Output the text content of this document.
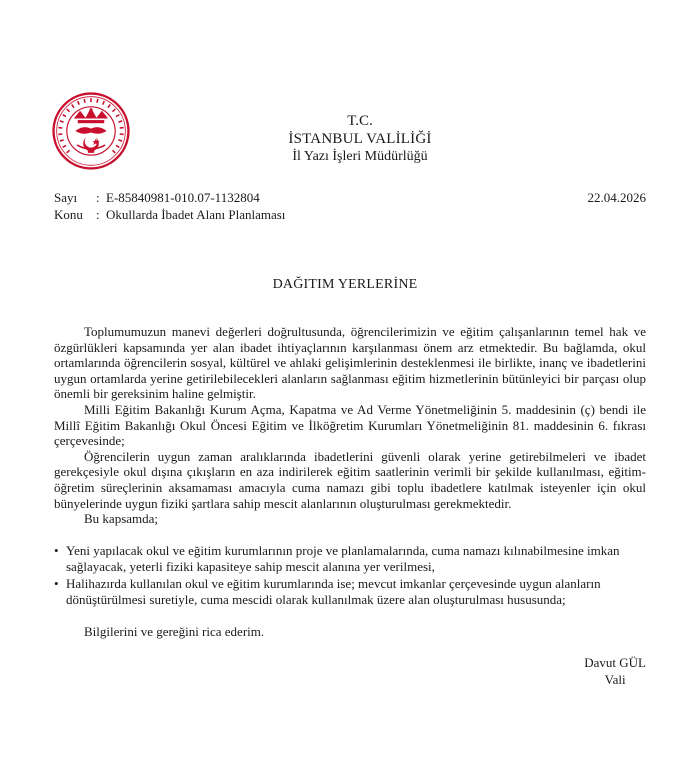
T.C.
İSTANBUL VALİLİĞİ
İl Yazı İşleri Müdürlüğü
Sayı : E-85840981-010.07-1132804	22.04.2026
Konu : Okullarda İbadet Alanı Planlaması
DAĞITIM YERLERİNE

Toplumumuzun manevi değerleri doğrultusunda, öğrencilerimizin ve eğitim çalışanlarının temel hak ve özgürlükleri kapsamında yer alan ibadet ihtiyaçlarının karşılanması önem arz etmektedir. Bu bağlamda, okul ortamlarında öğrencilerin sosyal, kültürel ve ahlaki gelişimlerinin desteklenmesi ile birlikte, inanç ve ibadetlerini uygun ortamlarda yerine getirilebilecekleri alanların sağlanması eğitim hizmetlerinin bütünleyici bir parçası olup önemli bir gereksinim haline gelmiştir.

Milli Eğitim Bakanlığı Kurum Açma, Kapatma ve Ad Verme Yönetmeliğinin 5. maddesinin (ç) bendi ile Millî Eğitim Bakanlığı Okul Öncesi Eğitim ve İlköğretim Kurumları Yönetmeliğinin 81. maddesinin 6. fıkrası çerçevesinde;

Öğrencilerin uygun zaman aralıklarında ibadetlerini güvenli olarak yerine getirebilmeleri ve ibadet gerekçesiyle okul dışına çıkışların en aza indirilerek eğitim saatlerinin verimli bir şekilde kullanılması, eğitim-öğretim süreçlerinin aksamaması amacıyla cuma namazı gibi toplu ibadetlere katılmak isteyenler için okul bünyelerinde uygun fiziki şartlara sahip mescit alanlarının oluşturulması gerekmektedir.

Bu kapsamda;

• Yeni yapılacak okul ve eğitim kurumlarının proje ve planlamalarında, cuma namazı kılınabilmesine imkan sağlayacak, yeterli fiziki kapasiteye sahip mescit alanına yer verilmesi,
• Halihazırda kullanılan okul ve eğitim kurumlarında ise; mevcut imkanlar çerçevesinde uygun alanların dönüştürülmesi suretiyle, cuma mescidi olarak kullanılmak üzere alan oluşturulması hususunda;
Bilgilerini ve gereğini rica ederim.
Davut GÜL
Vali
